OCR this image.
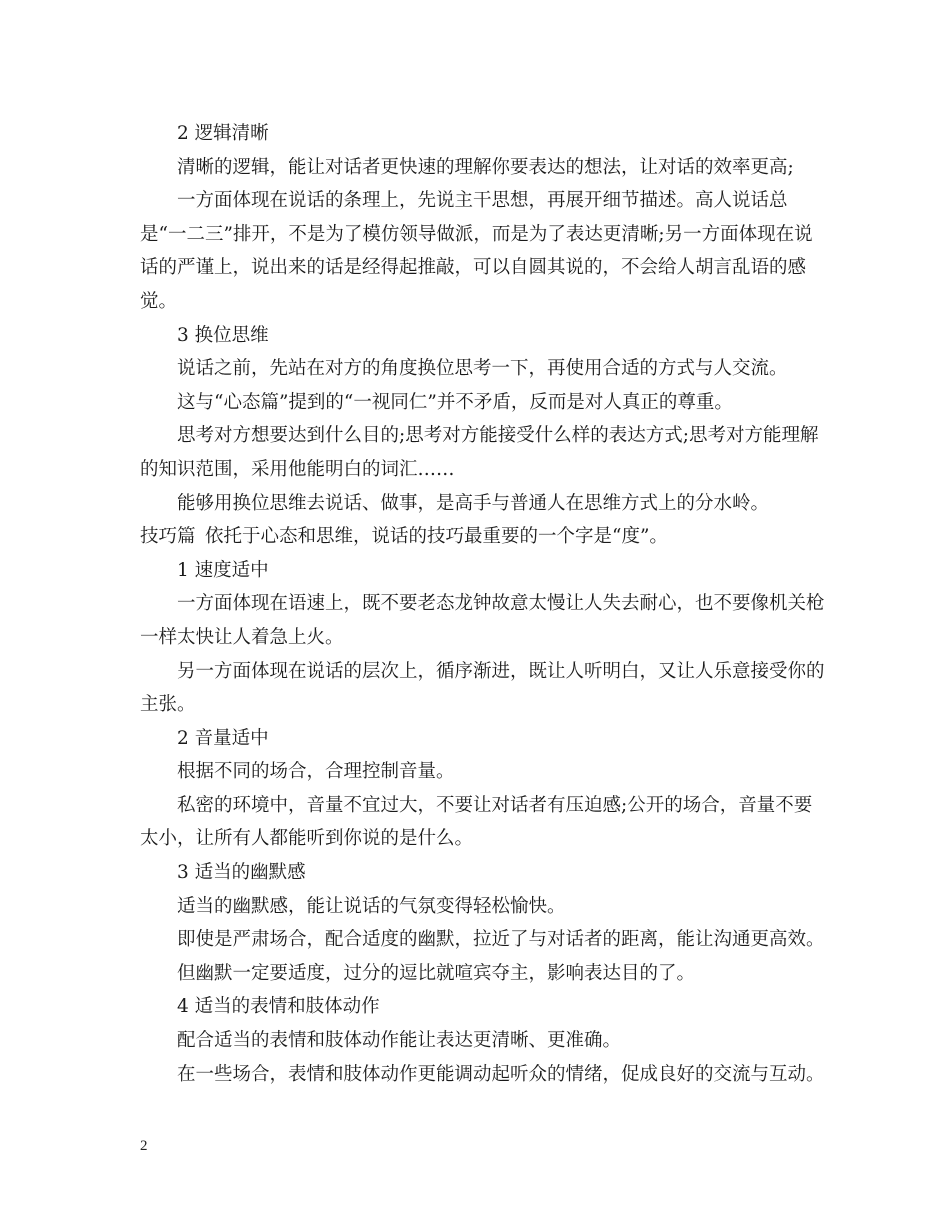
2 逻辑清晰

清晰的逻辑，能让对话者更快速的理解你要表达的想法，让对话的效率更高;

一方面体现在说话的条理上，先说主干思想，再展开细节描述。高人说话总是“一二三”排开，不是为了模仿领导做派，而是为了表达更清晰;另一方面体现在说话的严谨上，说出来的话是经得起推敲，可以自圆其说的，不会给人胡言乱语的感觉。

3 换位思维

说话之前，先站在对方的角度换位思考一下，再使用合适的方式与人交流。

这与“心态篇”提到的“一视同仁”并不矛盾，反而是对人真正的尊重。

思考对方想要达到什么目的;思考对方能接受什么样的表达方式;思考对方能理解的知识范围，采用他能明白的词汇……

能够用换位思维去说话、做事，是高手与普通人在思维方式上的分水岭。

技巧篇 依托于心态和思维，说话的技巧最重要的一个字是“度”。

1 速度适中

一方面体现在语速上，既不要老态龙钟故意太慢让人失去耐心，也不要像机关枪一样太快让人着急上火。

另一方面体现在说话的层次上，循序渐进，既让人听明白，又让人乐意接受你的主张。

2 音量适中

根据不同的场合，合理控制音量。

私密的环境中，音量不宜过大，不要让对话者有压迫感;公开的场合，音量不要太小，让所有人都能听到你说的是什么。

3 适当的幽默感

适当的幽默感，能让说话的气氛变得轻松愉快。

即使是严肃场合，配合适度的幽默，拉近了与对话者的距离，能让沟通更高效。

但幽默一定要适度，过分的逗比就喧宾夺主，影响表达目的了。

4 适当的表情和肢体动作

配合适当的表情和肢体动作能让表达更清晰、更准确。

在一些场合，表情和肢体动作更能调动起听众的情绪，促成良好的交流与互动。

2
